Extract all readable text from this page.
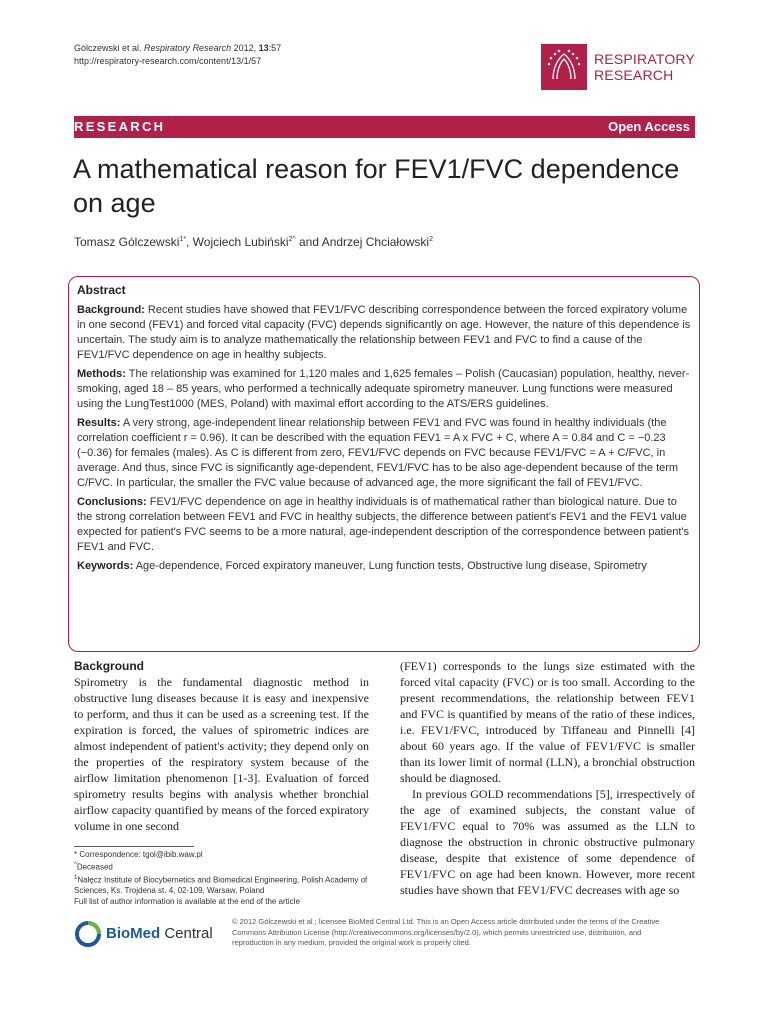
Gólczewski et al. Respiratory Research 2012, 13:57
http://respiratory-research.com/content/13/1/57	RESPIRATORY
RESEARCH
RESEARCH	Open Access
A mathematical reason for FEV1/FVC dependence on age
Tomasz Gólczewski$^{1*}$, Wojciech Lubiński$^{2\^{}}$ and Andrzej Chciałowski$^2$
Abstract

Background: Recent studies have showed that FEV1/FVC describing correspondence between the forced expiratory volume in one second (FEV1) and forced vital capacity (FVC) depends significantly on age. However, the nature of this dependence is uncertain. The study aim is to analyze mathematically the relationship between FEV1 and FVC to find a cause of the FEV1/FVC dependence on age in healthy subjects.

Methods: The relationship was examined for 1,120 males and 1,625 females – Polish (Caucasian) population, healthy, never-smoking, aged 18 – 85 years, who performed a technically adequate spirometry maneuver. Lung functions were measured using the LungTest1000 (MES, Poland) with maximal effort according to the ATS/ERS guidelines.

Results: A very strong, age-independent linear relationship between FEV1 and FVC was found in healthy individuals (the correlation coefficient r = 0.96). It can be described with the equation FEV1 = A x FVC + C, where A = 0.84 and C = −0.23 (−0.36) for females (males). As C is different from zero, FEV1/FVC depends on FVC because FEV1/FVC = A + C/FVC, in average. And thus, since FVC is significantly age-dependent, FEV1/FVC has to be also age-dependent because of the term C/FVC. In particular, the smaller the FVC value because of advanced age, the more significant the fall of FEV1/FVC.

Conclusions: FEV1/FVC dependence on age in healthy individuals is of mathematical rather than biological nature. Due to the strong correlation between FEV1 and FVC in healthy subjects, the difference between patient's FEV1 and the FEV1 value expected for patient's FVC seems to be a more natural, age-independent description of the correspondence between patient's FEV1 and FVC.

Keywords: Age-dependence, Forced expiratory maneuver, Lung function tests, Obstructive lung disease, Spirometry

Background

Spirometry is the fundamental diagnostic method in obstructive lung diseases because it is easy and inexpensive to perform, and thus it can be used as a screening test. If the expiration is forced, the values of spirometric indices are almost independent of patient's activity; they depend only on the properties of the respiratory system because of the airflow limitation phenomenon [1-3]. Evaluation of forced spirometry results begins with analysis whether bronchial airflow capacity quantified by means of the forced expiratory volume in one second

(FEV1) corresponds to the lungs size estimated with the forced vital capacity (FVC) or is too small. According to the present recommendations, the relationship between FEV1 and FVC is quantified by means of the ratio of these indices, i.e. FEV1/FVC, introduced by Tiffaneau and Pinnelli [4] about 60 years ago. If the value of FEV1/FVC is smaller than its lower limit of normal (LLN), a bronchial obstruction should be diagnosed.

In previous GOLD recommendations [5], irrespectively of the age of examined subjects, the constant value of FEV1/FVC equal to 70% was assumed as the LLN to diagnose the obstruction in chronic obstructive pulmonary disease, despite that existence of some dependence of FEV1/FVC on age had been known. However, more recent studies have shown that FEV1/FVC decreases with age so

* Correspondence: tgol@ibib.waw.pl
^Deceased
$^1$Nałęcz Institute of Biocybernetics and Biomedical Engineering, Polish Academy of Sciences, Ks. Trojdena st. 4, 02-109, Warsaw, Poland
Full list of author information is available at the end of the article
BioMed Central
© 2012 Gólczewski et al.; licensee BioMed Central Ltd. This is an Open Access article distributed under the terms of the Creative Commons Attribution License (http://creativecommons.org/licenses/by/2.0), which permits unrestricted use, distribution, and reproduction in any medium, provided the original work is properly cited.
